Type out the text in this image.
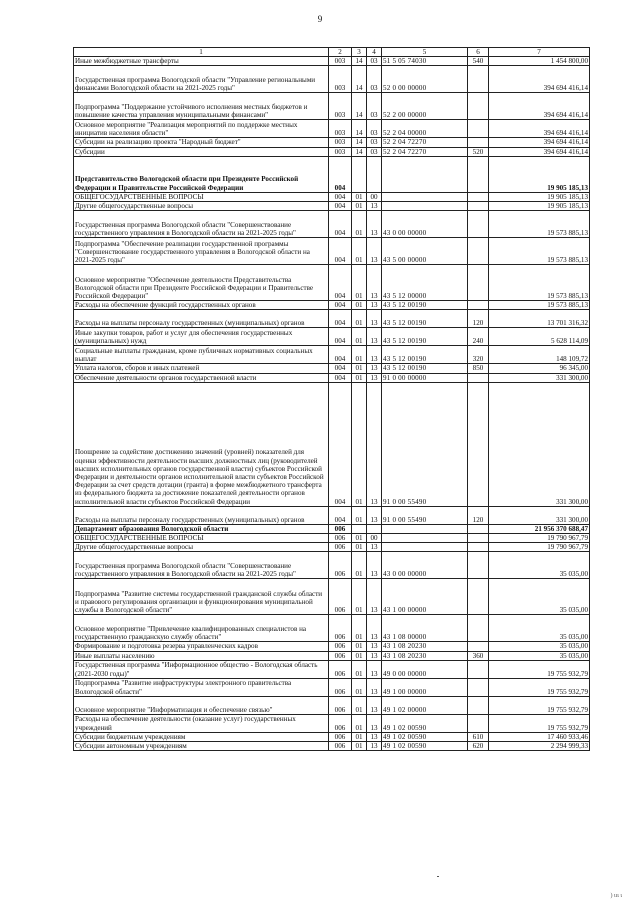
9
1	2	3	4	5	6	7
Иные межбюджетные трансферты	003	14	03	51 5 05 74030	540	1 454 800,00
Государственная программа Вологодской области "Управление региональными финансами Вологодской области на 2021-2025 годы"	003	14	03	52 0 00 00000		394 694 416,14
Подпрограмма "Поддержание устойчивого исполнения местных бюджетов и повышение качества управления муниципальными финансами"	003	14	03	52 2 00 00000		394 694 416,14
Основное мероприятие "Реализация мероприятий по поддержке местных инициатив населения области"	003	14	03	52 2 04 00000		394 694 416,14
Субсидии на реализацию проекта "Народный бюджет"	003	14	03	52 2 04 72270		394 694 416,14
Субсидии	003	14	03	52 2 04 72270	520	394 694 416,14
Представительство Вологодской области при Президенте Российской Федерации и Правительстве Российской Федерации	004					19 905 185,13
ОБЩЕГОСУДАРСТВЕННЫЕ ВОПРОСЫ	004	01	00			19 905 185,13
Другие общегосударственные вопросы	004	01	13			19 905 185,13
Государственная программа Вологодской области "Совершенствование государственного управления в Вологодской области на 2021-2025 годы"	004	01	13	43 0 00 00000		19 573 885,13
Подпрограмма "Обеспечение реализации государственной программы "Совершенствование государственного управления в Вологодской области на 2021-2025 годы"	004	01	13	43 5 00 00000		19 573 885,13
Основное мероприятие "Обеспечение деятельности Представительства Вологодской области при Президенте Российской Федерации и Правительстве Российской Федерации"	004	01	13	43 5 12 00000		19 573 885,13
Расходы на обеспечение функций государственных органов	004	01	13	43 5 12 00190		19 573 885,13
Расходы на выплаты персоналу государственных (муниципальных) органов	004	01	13	43 5 12 00190	120	13 701 316,32
Иные закупки товаров, работ и услуг для обеспечения государственных (муниципальных) нужд	004	01	13	43 5 12 00190	240	5 628 114,09
Социальные выплаты гражданам, кроме публичных нормативных социальных выплат	004	01	13	43 5 12 00190	320	148 109,72
Уплата налогов, сборов и иных платежей	004	01	13	43 5 12 00190	850	96 345,00
Обеспечение деятельности органов государственной власти	004	01	13	91 0 00 00000		331 300,00
Поощрение за содействие достижению значений (уровней) показателей для оценки эффективности деятельности высших должностных лиц (руководителей высших исполнительных органов государственной власти) субъектов Российской Федерации и деятельности органов исполнительной власти субъектов Российской Федерации за счет средств дотации (гранта) в форме межбюджетного трансферта из федерального бюджета за достижение показателей деятельности органов исполнительной власти субъектов Российской Федерации	004	01	13	91 0 00 55490		331 300,00
Расходы на выплаты персоналу государственных (муниципальных) органов	004	01	13	91 0 00 55490	120	331 300,00
Департамент образования Вологодской области	006					21 956 370 688,47
ОБЩЕГОСУДАРСТВЕННЫЕ ВОПРОСЫ	006	01	00			19 790 967,79
Другие общегосударственные вопросы	006	01	13			19 790 967,79
Государственная программа Вологодской области "Совершенствование государственного управления в Вологодской области на 2021-2025 годы"	006	01	13	43 0 00 00000		35 035,00
Подпрограмма "Развитие системы государственной гражданской службы области и правового регулирования организации и функционирования муниципальной службы в Вологодской области"	006	01	13	43 1 00 00000		35 035,00
Основное мероприятие "Привлечение квалифицированных специалистов на государственную гражданскую службу области"	006	01	13	43 1 08 00000		35 035,00
Формирование и подготовка резерва управленческих кадров	006	01	13	43 1 08 20230		35 035,00
Иные выплаты населению	006	01	13	43 1 08 20230	360	35 035,00
Государственная программа "Информационное общество - Вологодская область (2021-2030 годы)"	006	01	13	49 0 00 00000		19 755 932,79
Подпрограмма "Развитие инфраструктуры электронного правительства Вологодской области"	006	01	13	49 1 00 00000		19 755 932,79
Основное мероприятие "Информатизация и обеспечение связью"	006	01	13	49 1 02 00000		19 755 932,79
Расходы на обеспечение деятельности (оказание услуг) государственных учреждений	006	01	13	49 1 02 00590		19 755 932,79
Субсидии бюджетным учреждениям	006	01	13	49 1 02 00590	610	17 460 933,46
Субсидии автономным учреждениям	006	01	13	49 1 02 00590	620	2 294 999,33
) ιιι ι
